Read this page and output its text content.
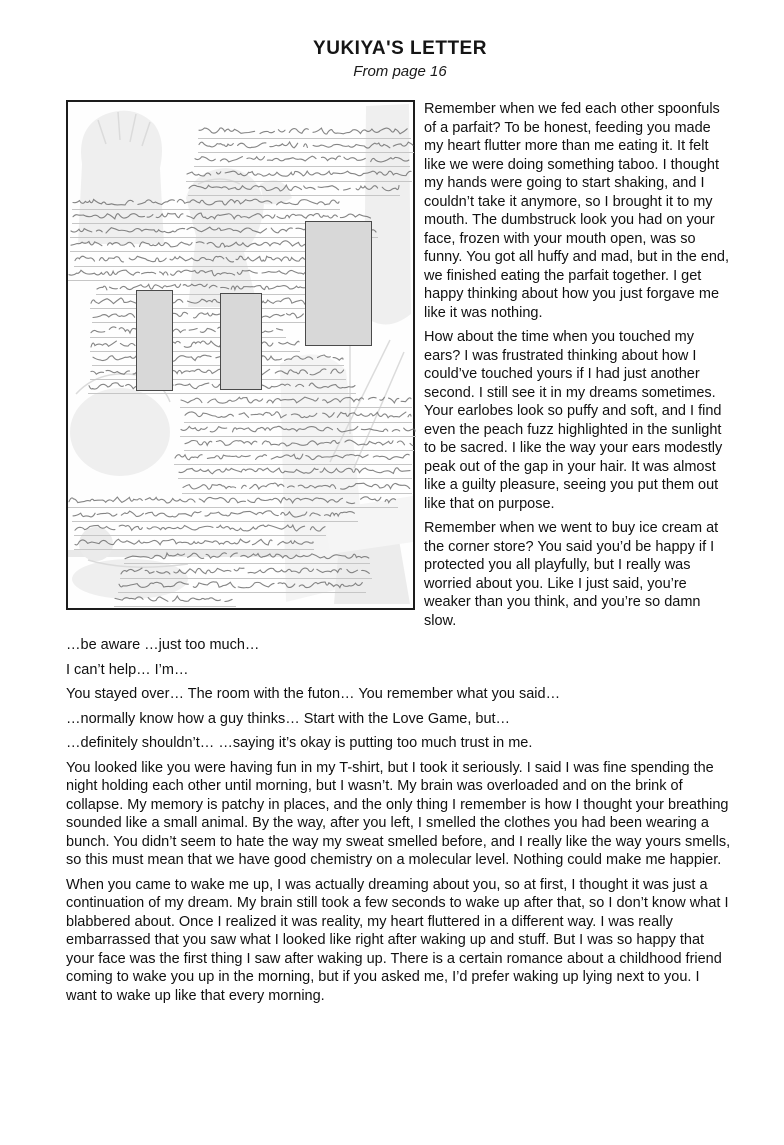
YUKIYA'S LETTER
From page 16

Remember when we fed each other spoonfuls of a parfait? To be honest, feeding you made my heart flutter more than me eating it. It felt like we were doing something taboo. I thought my hands were going to start shaking, and I couldn’t take it anymore, so I brought it to my mouth. The dumbstruck look you had on your face, frozen with your mouth open, was so funny. You got all huffy and mad, but in the end, we finished eating the parfait together. I get happy thinking about how you just forgave me like it was nothing.

How about the time when you touched my ears? I was frustrated thinking about how I could’ve touched yours if I had just another second. I still see it in my dreams sometimes. Your earlobes look so puffy and soft, and I find even the peach fuzz highlighted in the sunlight to be sacred. I like the way your ears modestly peak out of the gap in your hair. It was almost like a guilty pleasure, seeing you put them out like that on purpose.

Remember when we went to buy ice cream at the corner store? You said you’d be happy if I protected you all playfully, but I really was worried about you. Like I just said, you’re weaker than you think, and you’re so damn slow.

…be aware …just too much…

I can’t help… I’m…

You stayed over… The room with the futon… You remember what you said…

…normally know how a guy thinks… Start with the Love Game, but…

…definitely shouldn’t… …saying it’s okay is putting too much trust in me.

You looked like you were having fun in my T-shirt, but I took it seriously. I said I was fine spending the night holding each other until morning, but I wasn’t. My brain was overloaded and on the brink of collapse. My memory is patchy in places, and the only thing I remember is how I thought your breathing sounded like a small animal. By the way, after you left, I smelled the clothes you had been wearing a bunch. You didn’t seem to hate the way my sweat smelled before, and I really like the way yours smells, so this must mean that we have good chemistry on a molecular level. Nothing could make me happier.

When you came to wake me up, I was actually dreaming about you, so at first, I thought it was just a continuation of my dream. My brain still took a few seconds to wake up after that, so I don’t know what I blabbered about. Once I realized it was reality, my heart fluttered in a different way. I was really embarrassed that you saw what I looked like right after waking up and stuff. But I was so happy that your face was the first thing I saw after waking up. There is a certain romance about a childhood friend coming to wake you up in the morning, but if you asked me, I’d prefer waking up lying next to you. I want to wake up like that every morning.
